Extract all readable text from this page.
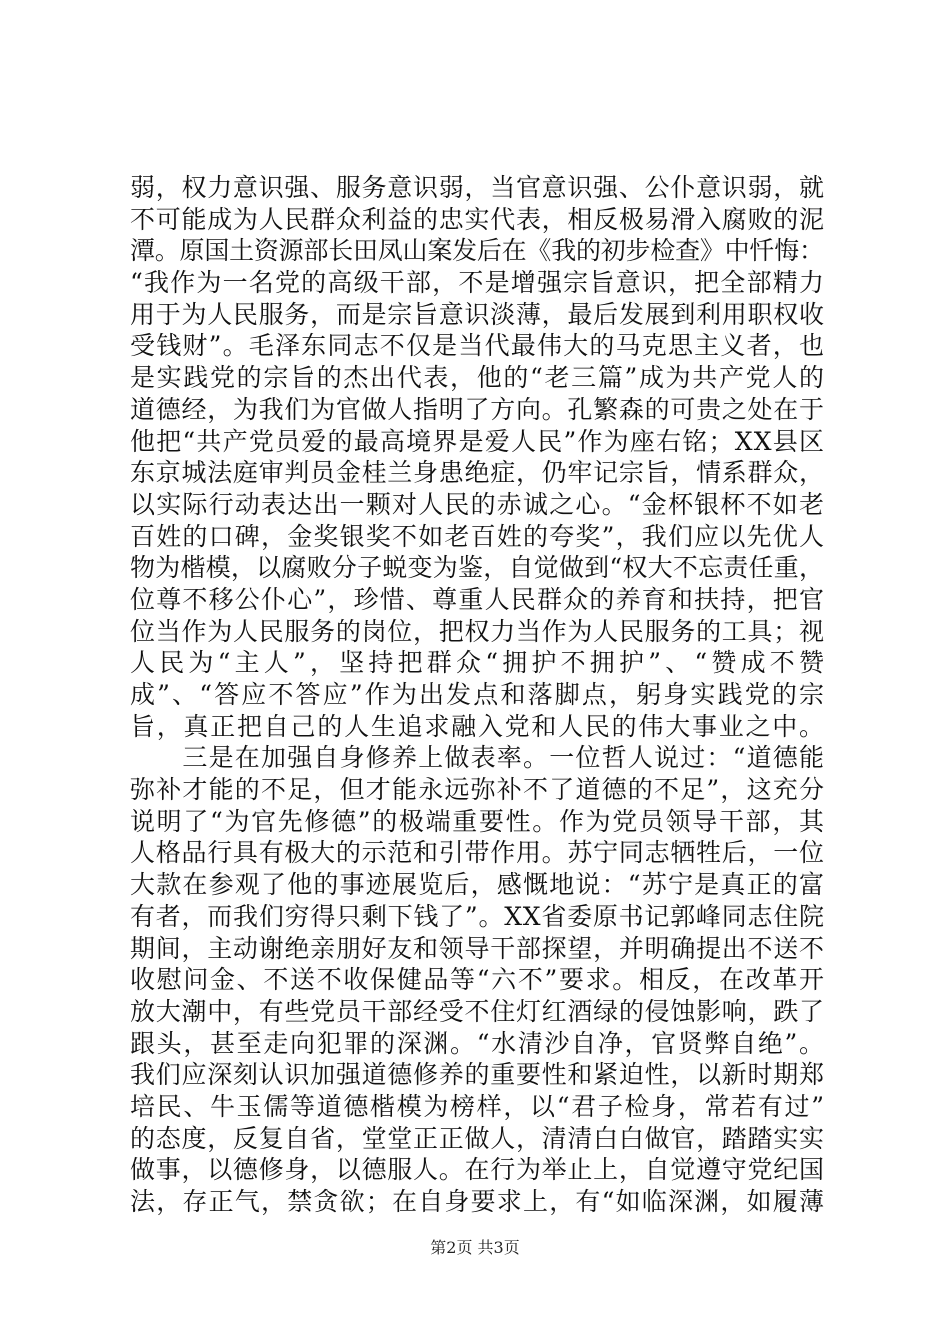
弱，权力意识强、服务意识弱，当官意识强、公仆意识弱，就
不可能成为人民群众利益的忠实代表，相反极易滑入腐败的泥
潭。原国土资源部长田凤山案发后在《我的初步检查》中忏悔：
“我作为一名党的高级干部，不是增强宗旨意识，把全部精力
用于为人民服务，而是宗旨意识淡薄，最后发展到利用职权收
受钱财”。毛泽东同志不仅是当代最伟大的马克思主义者，也
是实践党的宗旨的杰出代表，他的“老三篇”成为共产党人的
道德经，为我们为官做人指明了方向。孔繁森的可贵之处在于
他把“共产党员爱的最高境界是爱人民”作为座右铭；XX县区
东京城法庭审判员金桂兰身患绝症，仍牢记宗旨，情系群众，
以实际行动表达出一颗对人民的赤诚之心。“金杯银杯不如老
百姓的口碑，金奖银奖不如老百姓的夸奖”，我们应以先优人
物为楷模，以腐败分子蜕变为鉴，自觉做到“权大不忘责任重，
位尊不移公仆心”，珍惜、尊重人民群众的养育和扶持，把官
位当作为人民服务的岗位，把权力当作为人民服务的工具；视
人民为“主人”，坚持把群众“拥护不拥护”、“赞成不赞
成”、“答应不答应”作为出发点和落脚点，躬身实践党的宗
旨，真正把自己的人生追求融入党和人民的伟大事业之中。
　　三是在加强自身修养上做表率。一位哲人说过：“道德能
弥补才能的不足，但才能永远弥补不了道德的不足”，这充分
说明了“为官先修德”的极端重要性。作为党员领导干部，其
人格品行具有极大的示范和引带作用。苏宁同志牺牲后，一位
大款在参观了他的事迹展览后，感慨地说：“苏宁是真正的富
有者，而我们穷得只剩下钱了”。XX省委原书记郭峰同志住院
期间，主动谢绝亲朋好友和领导干部探望，并明确提出不送不
收慰问金、不送不收保健品等“六不”要求。相反，在改革开
放大潮中，有些党员干部经受不住灯红酒绿的侵蚀影响，跌了
跟头，甚至走向犯罪的深渊。“水清沙自净，官贤弊自绝”。
我们应深刻认识加强道德修养的重要性和紧迫性，以新时期郑
培民、牛玉儒等道德楷模为榜样，以“君子检身，常若有过”
的态度，反复自省，堂堂正正做人，清清白白做官，踏踏实实
做事，以德修身，以德服人。在行为举止上，自觉遵守党纪国
法，存正气，禁贪欲；在自身要求上，有“如临深渊，如履薄
第2页 共3页
